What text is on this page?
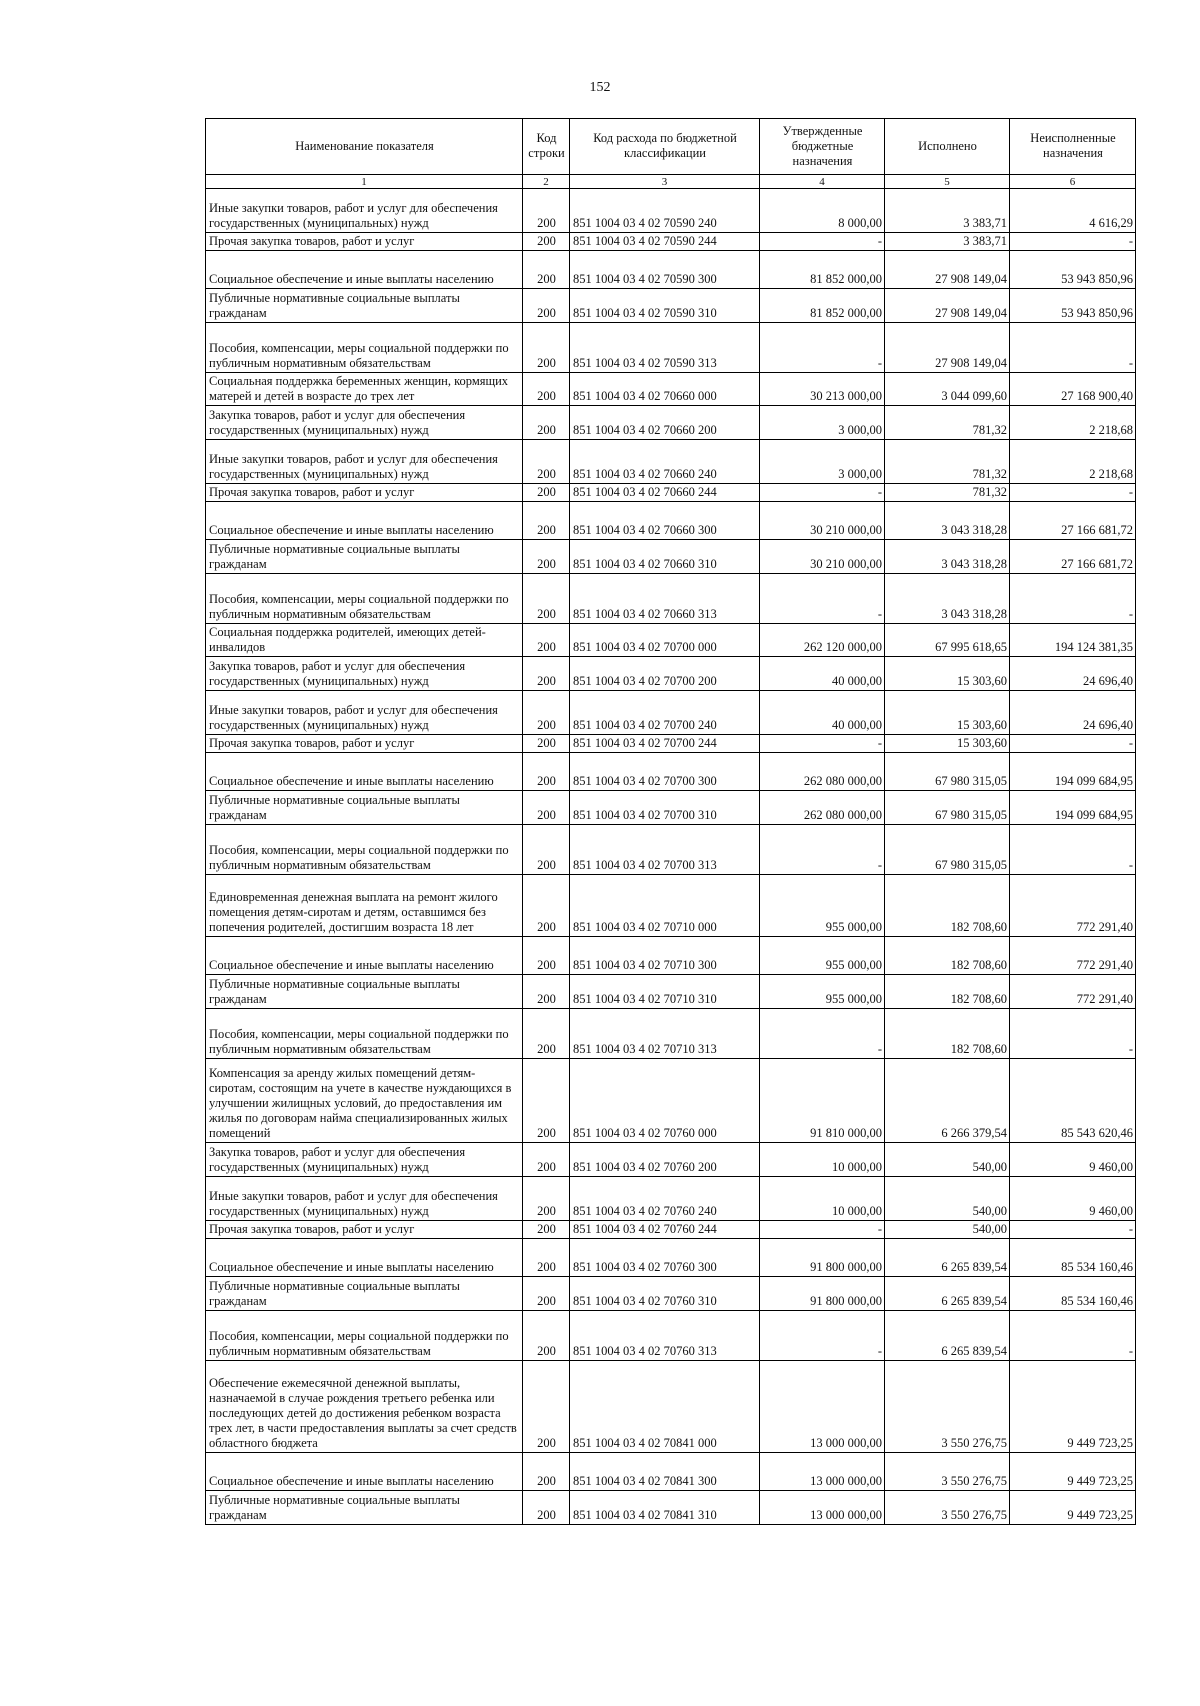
152
Наименование показателя	Код строки	Код расхода по бюджетной классификации	Утвержденные бюджетные назначения	Исполнено	Неисполненные назначения
1	2	3	4	5	6
Иные закупки товаров, работ и услуг для обеспечения государственных (муниципальных) нужд	200	851 1004 03 4 02 70590 240	8 000,00	3 383,71	4 616,29
Прочая закупка товаров, работ и услуг	200	851 1004 03 4 02 70590 244	-	3 383,71	-
Социальное обеспечение и иные выплаты населению	200	851 1004 03 4 02 70590 300	81 852 000,00	27 908 149,04	53 943 850,96
Публичные нормативные социальные выплаты гражданам	200	851 1004 03 4 02 70590 310	81 852 000,00	27 908 149,04	53 943 850,96
Пособия, компенсации, меры социальной поддержки по публичным нормативным обязательствам	200	851 1004 03 4 02 70590 313	-	27 908 149,04	-
Социальная поддержка беременных женщин, кормящих матерей и детей в возрасте до трех лет	200	851 1004 03 4 02 70660 000	30 213 000,00	3 044 099,60	27 168 900,40
Закупка товаров, работ и услуг для обеспечения государственных (муниципальных) нужд	200	851 1004 03 4 02 70660 200	3 000,00	781,32	2 218,68
Иные закупки товаров, работ и услуг для обеспечения государственных (муниципальных) нужд	200	851 1004 03 4 02 70660 240	3 000,00	781,32	2 218,68
Прочая закупка товаров, работ и услуг	200	851 1004 03 4 02 70660 244	-	781,32	-
Социальное обеспечение и иные выплаты населению	200	851 1004 03 4 02 70660 300	30 210 000,00	3 043 318,28	27 166 681,72
Публичные нормативные социальные выплаты гражданам	200	851 1004 03 4 02 70660 310	30 210 000,00	3 043 318,28	27 166 681,72
Пособия, компенсации, меры социальной поддержки по публичным нормативным обязательствам	200	851 1004 03 4 02 70660 313	-	3 043 318,28	-
Социальная поддержка родителей, имеющих детей-инвалидов	200	851 1004 03 4 02 70700 000	262 120 000,00	67 995 618,65	194 124 381,35
Закупка товаров, работ и услуг для обеспечения государственных (муниципальных) нужд	200	851 1004 03 4 02 70700 200	40 000,00	15 303,60	24 696,40
Иные закупки товаров, работ и услуг для обеспечения государственных (муниципальных) нужд	200	851 1004 03 4 02 70700 240	40 000,00	15 303,60	24 696,40
Прочая закупка товаров, работ и услуг	200	851 1004 03 4 02 70700 244	-	15 303,60	-
Социальное обеспечение и иные выплаты населению	200	851 1004 03 4 02 70700 300	262 080 000,00	67 980 315,05	194 099 684,95
Публичные нормативные социальные выплаты гражданам	200	851 1004 03 4 02 70700 310	262 080 000,00	67 980 315,05	194 099 684,95
Пособия, компенсации, меры социальной поддержки по публичным нормативным обязательствам	200	851 1004 03 4 02 70700 313	-	67 980 315,05	-
Единовременная денежная выплата на ремонт жилого помещения детям-сиротам и детям, оставшимся без попечения родителей, достигшим возраста 18 лет	200	851 1004 03 4 02 70710 000	955 000,00	182 708,60	772 291,40
Социальное обеспечение и иные выплаты населению	200	851 1004 03 4 02 70710 300	955 000,00	182 708,60	772 291,40
Публичные нормативные социальные выплаты гражданам	200	851 1004 03 4 02 70710 310	955 000,00	182 708,60	772 291,40
Пособия, компенсации, меры социальной поддержки по публичным нормативным обязательствам	200	851 1004 03 4 02 70710 313	-	182 708,60	-
Компенсация за аренду жилых помещений детям-сиротам, состоящим на учете в качестве нуждающихся в улучшении жилищных условий, до предоставления им жилья по договорам найма специализированных жилых помещений	200	851 1004 03 4 02 70760 000	91 810 000,00	6 266 379,54	85 543 620,46
Закупка товаров, работ и услуг для обеспечения государственных (муниципальных) нужд	200	851 1004 03 4 02 70760 200	10 000,00	540,00	9 460,00
Иные закупки товаров, работ и услуг для обеспечения государственных (муниципальных) нужд	200	851 1004 03 4 02 70760 240	10 000,00	540,00	9 460,00
Прочая закупка товаров, работ и услуг	200	851 1004 03 4 02 70760 244	-	540,00	-
Социальное обеспечение и иные выплаты населению	200	851 1004 03 4 02 70760 300	91 800 000,00	6 265 839,54	85 534 160,46
Публичные нормативные социальные выплаты гражданам	200	851 1004 03 4 02 70760 310	91 800 000,00	6 265 839,54	85 534 160,46
Пособия, компенсации, меры социальной поддержки по публичным нормативным обязательствам	200	851 1004 03 4 02 70760 313	-	6 265 839,54	-
Обеспечение ежемесячной денежной выплаты, назначаемой в случае рождения третьего ребенка или последующих детей до достижения ребенком возраста трех лет, в части предоставления выплаты за счет средств областного бюджета	200	851 1004 03 4 02 70841 000	13 000 000,00	3 550 276,75	9 449 723,25
Социальное обеспечение и иные выплаты населению	200	851 1004 03 4 02 70841 300	13 000 000,00	3 550 276,75	9 449 723,25
Публичные нормативные социальные выплаты гражданам	200	851 1004 03 4 02 70841 310	13 000 000,00	3 550 276,75	9 449 723,25
